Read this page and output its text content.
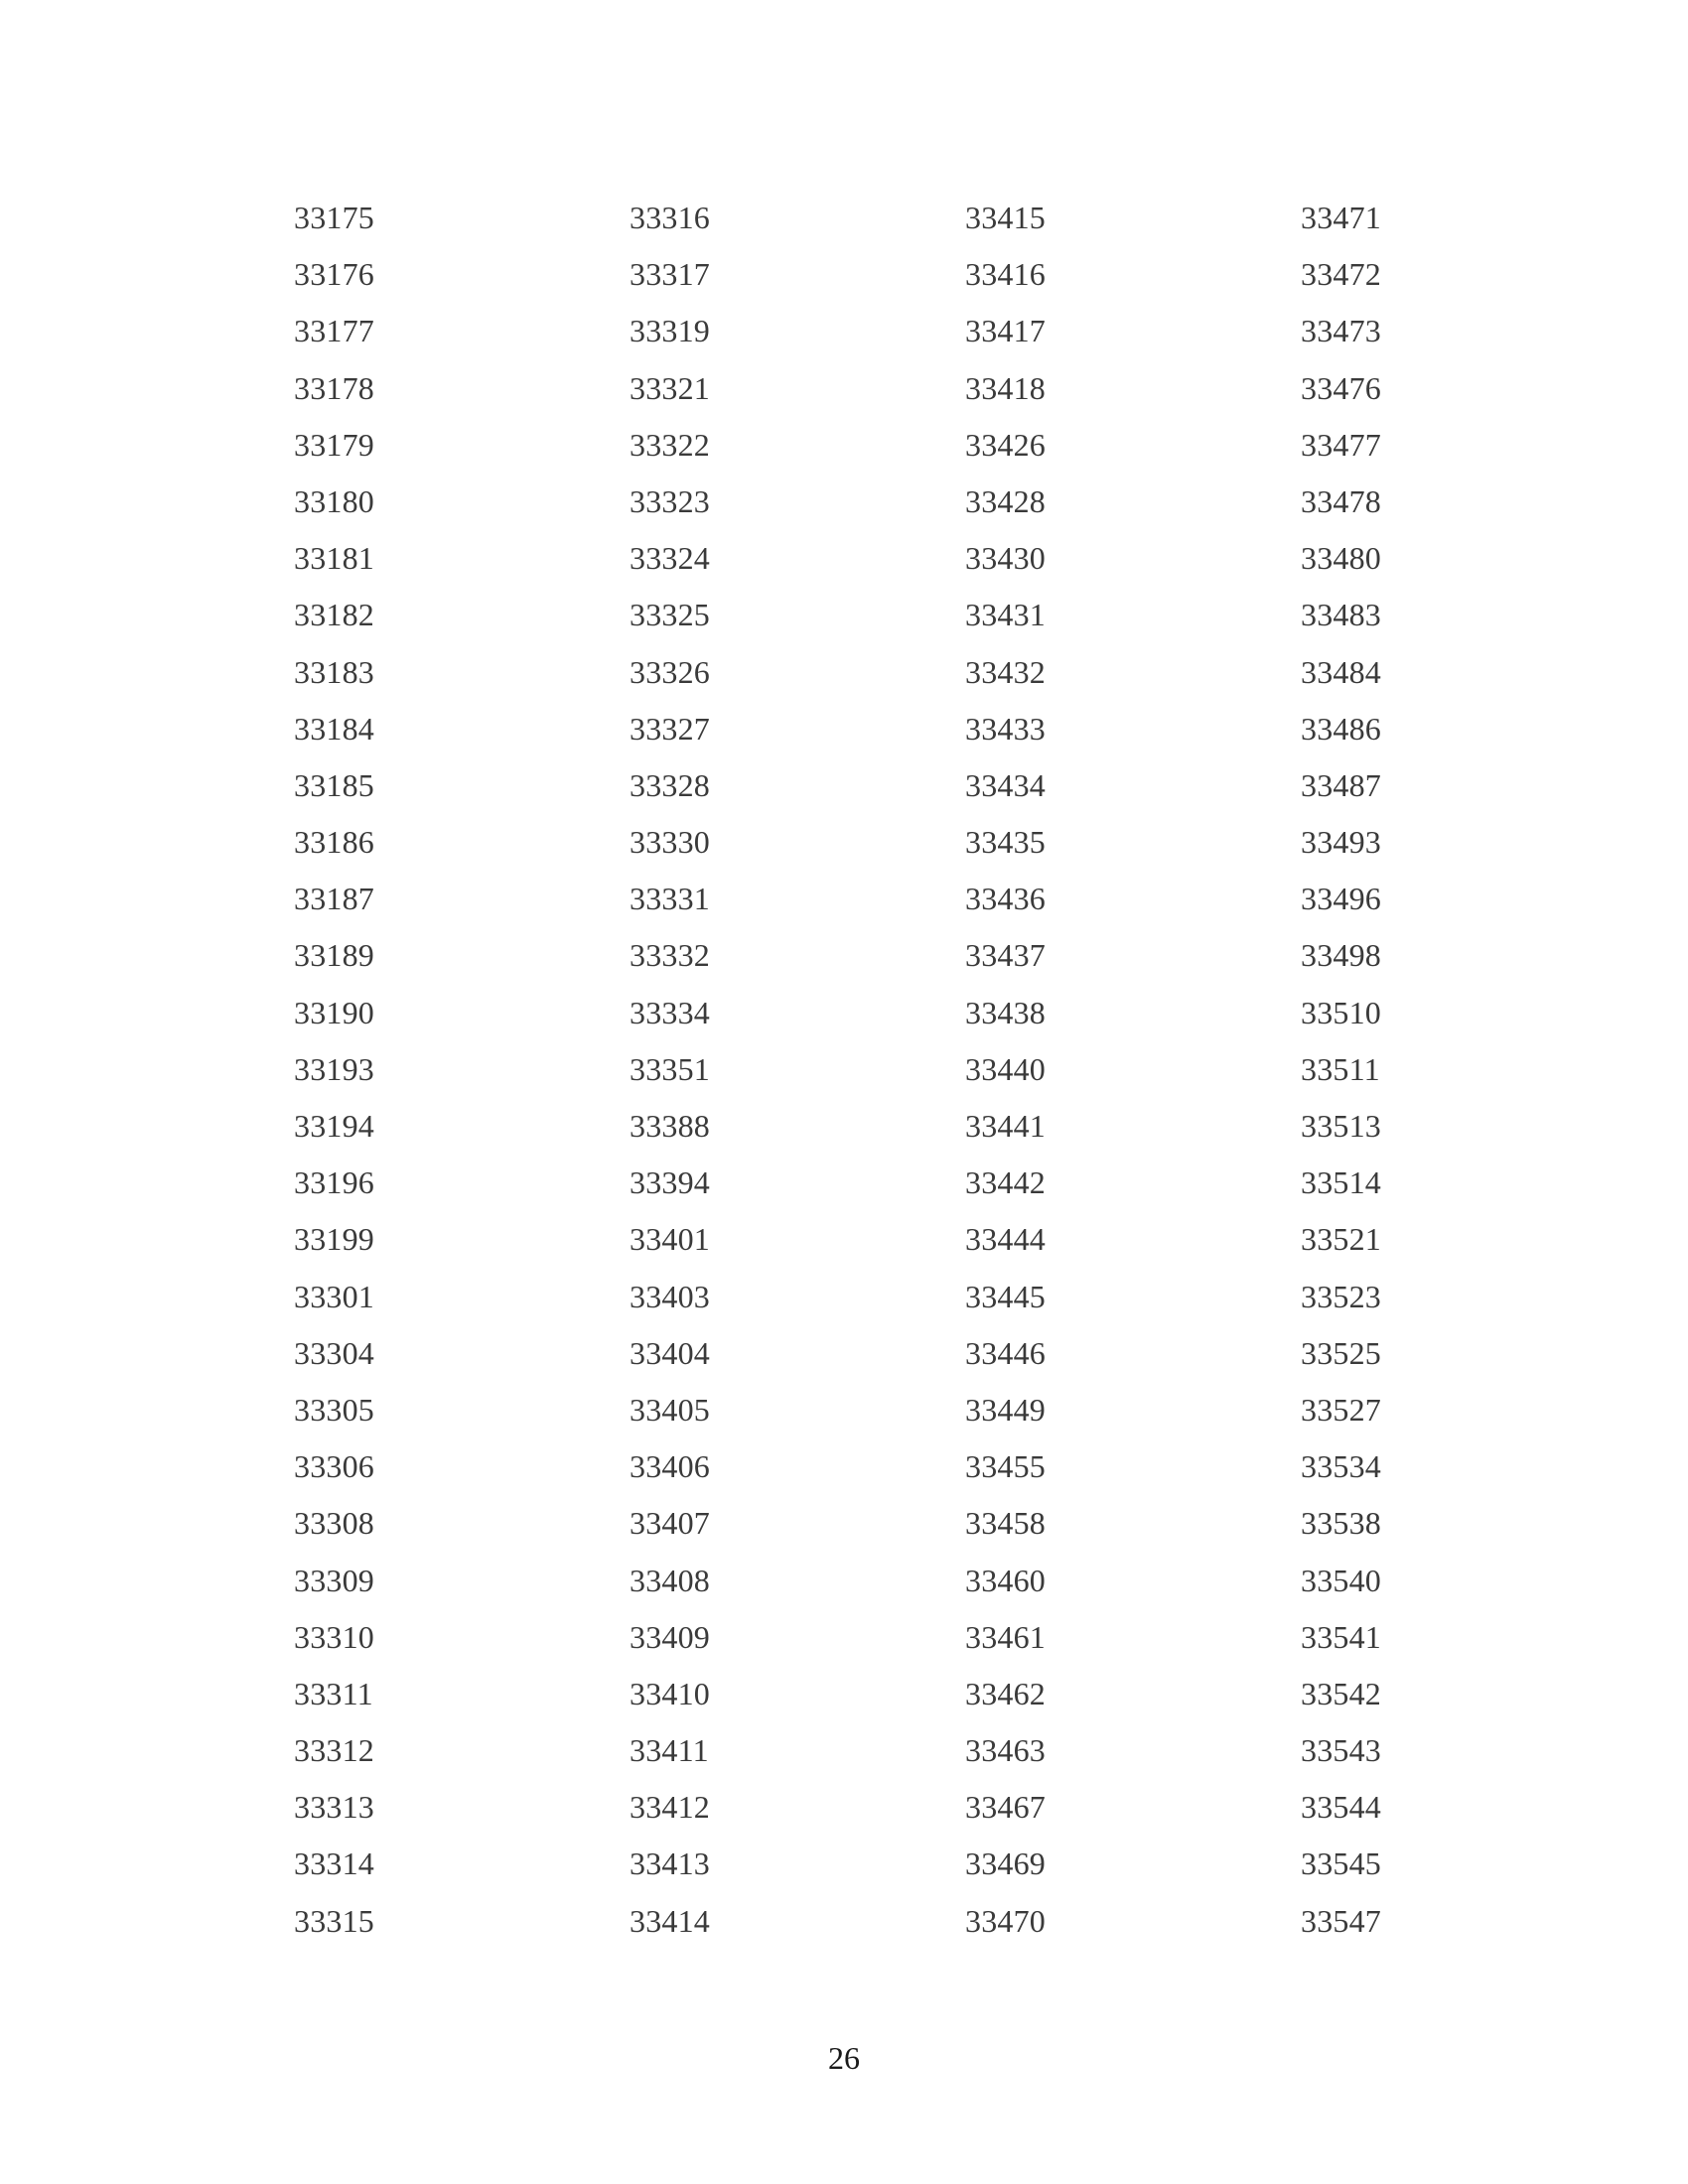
33175
33176
33177
33178
33179
33180
33181
33182
33183
33184
33185
33186
33187
33189
33190
33193
33194
33196
33199
33301
33304
33305
33306
33308
33309
33310
33311
33312
33313
33314
33315
33316
33317
33319
33321
33322
33323
33324
33325
33326
33327
33328
33330
33331
33332
33334
33351
33388
33394
33401
33403
33404
33405
33406
33407
33408
33409
33410
33411
33412
33413
33414
33415
33416
33417
33418
33426
33428
33430
33431
33432
33433
33434
33435
33436
33437
33438
33440
33441
33442
33444
33445
33446
33449
33455
33458
33460
33461
33462
33463
33467
33469
33470
33471
33472
33473
33476
33477
33478
33480
33483
33484
33486
33487
33493
33496
33498
33510
33511
33513
33514
33521
33523
33525
33527
33534
33538
33540
33541
33542
33543
33544
33545
33547
26
